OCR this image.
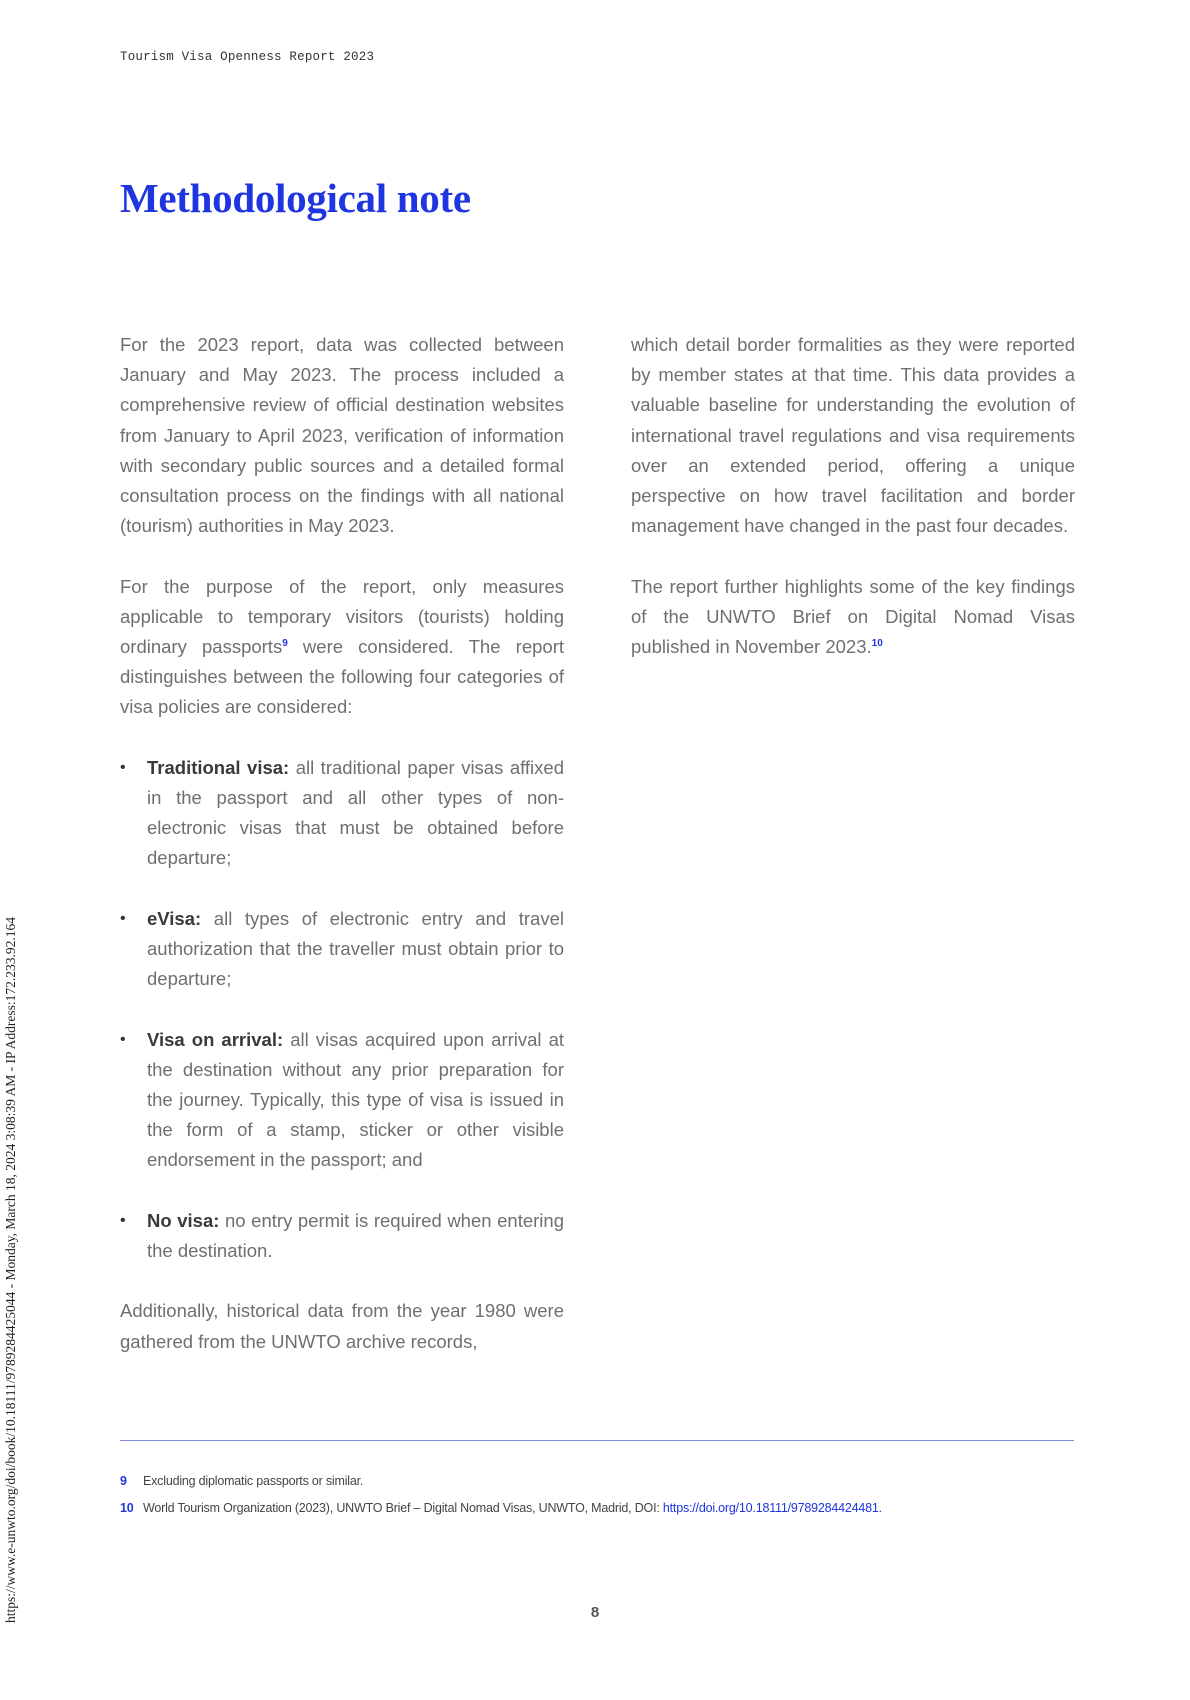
Tourism Visa Openness Report 2023
https://www.e-unwto.org/doi/book/10.18111/9789284425044 - Monday, March 18, 2024 3:08:39 AM - IP Address:172.233.92.164
Methodological note

For the 2023 report, data was collected between January and May 2023. The process included a comprehensive review of official destination websites from January to April 2023, verification of information with secondary public sources and a detailed formal consultation process on the findings with all national (tourism) authorities in May 2023.

For the purpose of the report, only measures applicable to temporary visitors (tourists) holding ordinary passports$^9$ were considered. The report distinguishes between the following four categories of visa policies are considered:

• Traditional visa: all traditional paper visas affixed in the passport and all other types of non-electronic visas that must be obtained before departure;
• eVisa: all types of electronic entry and travel authorization that the traveller must obtain prior to departure;
• Visa on arrival: all visas acquired upon arrival at the destination without any prior preparation for the journey. Typically, this type of visa is issued in the form of a stamp, sticker or other visible endorsement in the passport; and
• No visa: no entry permit is required when entering the destination.

Additionally, historical data from the year 1980 were gathered from the UNWTO archive records,

which detail border formalities as they were reported by member states at that time. This data provides a valuable baseline for understanding the evolution of international travel regulations and visa requirements over an extended period, offering a unique perspective on how travel facilitation and border management have changed in the past four decades.

The report further highlights some of the key findings of the UNWTO Brief on Digital Nomad Visas published in November 2023.10

9 Excluding diplomatic passports or similar.
10 World Tourism Organization (2023), UNWTO Brief – Digital Nomad Visas, UNWTO, Madrid, DOI: https://doi.org/10.18111/9789284424481.
8
